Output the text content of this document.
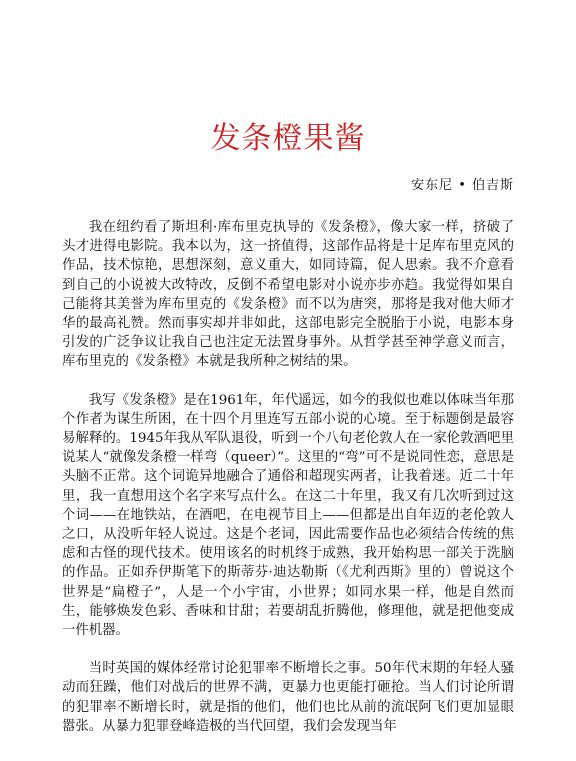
发条橙果酱
安东尼 • 伯吉斯

我在纽约看了斯坦利·库布里克执导的《发条橙》，像大家一样，挤破了头才进得电影院。我本以为，这一挤值得，这部作品将是十足库布里克风的作品，技术惊艳，思想深刻，意义重大，如同诗篇，促人思索。我不介意看到自己的小说被大改特改，反倒不希望电影对小说亦步亦趋。我觉得如果自己能将其美誉为库布里克的《发条橙》而不以为唐突，那将是我对他大师才华的最高礼赞。然而事实却并非如此，这部电影完全脱胎于小说，电影本身引发的广泛争议让我自己也注定无法置身事外。从哲学甚至神学意义而言，库布里克的《发条橙》本就是我所种之树结的果。

我写《发条橙》是在1961年，年代遥远，如今的我似也难以体味当年那个作者为谋生所困，在十四个月里连写五部小说的心境。至于标题倒是最容易解释的。1945年我从军队退役，听到一个八旬老伦敦人在一家伦敦酒吧里说某人“就像发条橙一样弯（queer）”。这里的“弯”可不是说同性恋，意思是头脑不正常。这个词诡异地融合了通俗和超现实两者，让我着迷。近二十年里，我一直想用这个名字来写点什么。在这二十年里，我又有几次听到过这个词——在地铁站，在酒吧，在电视节目上——但都是出自年迈的老伦敦人之口，从没听年轻人说过。这是个老词，因此需要作品也必须结合传统的焦虑和古怪的现代技术。使用该名的时机终于成熟，我开始构思一部关于洗脑的作品。正如乔伊斯笔下的斯蒂芬·迪达勒斯（《尤利西斯》里的）曾说这个世界是“扁橙子”，人是一个小宇宙，小世界；如同水果一样，他是自然而生，能够焕发色彩、香味和甘甜；若要胡乱折腾他，修理他，就是把他变成一件机器。

当时英国的媒体经常讨论犯罪率不断增长之事。50年代末期的年轻人骚动而狂躁，他们对战后的世界不满，更暴力也更能打砸抢。当人们讨论所谓的犯罪率不断增长时，就是指的他们，他们也比从前的流氓阿飞们更加显眼嚣张。从暴力犯罪登峰造极的当代回望，我们会发现当年
